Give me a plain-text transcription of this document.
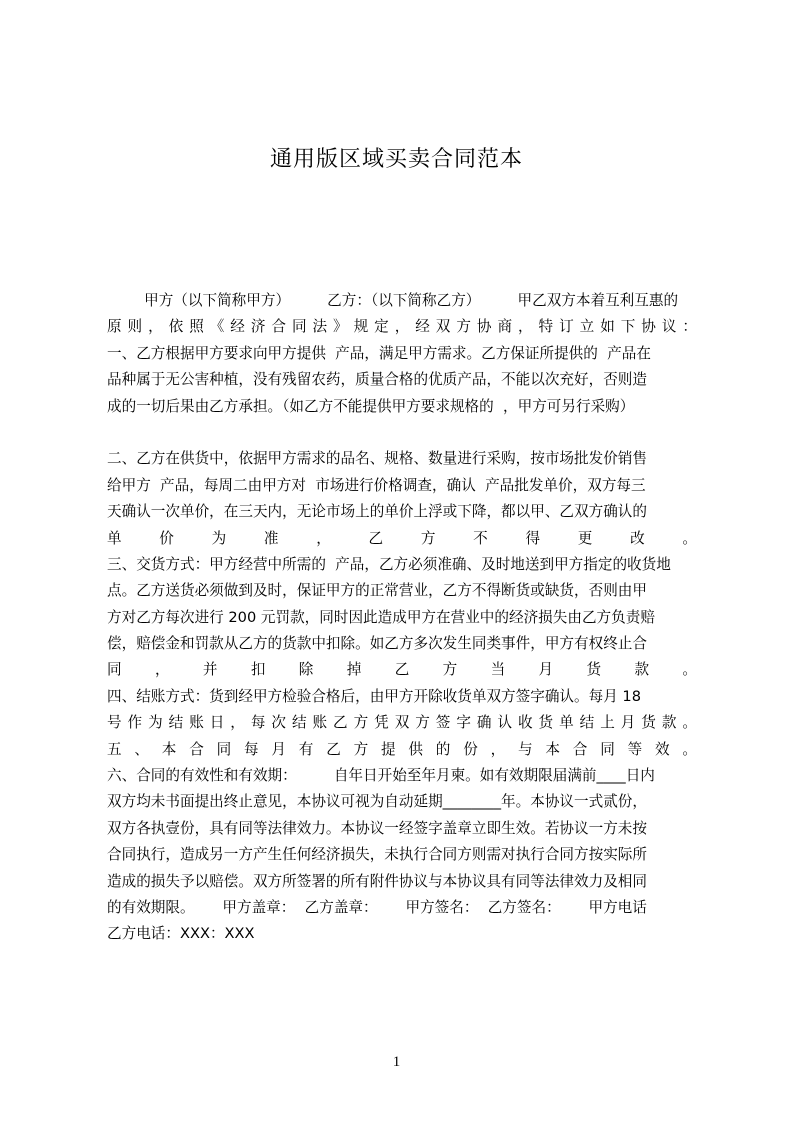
通用版区域买卖合同范本
甲方（以下简称甲方）        乙方：（以下简称乙方）        甲乙双方本着互利互惠的
原则，依照《经济合同法》规定，经双方协商，特订立如下协议：
一、乙方根据甲方要求向甲方提供  产品，满足甲方需求。乙方保证所提供的  产品在
品种属于无公害种植，没有残留农药，质量合格的优质产品，不能以次充好，否则造
成的一切后果由乙方承担。（如乙方不能提供甲方要求规格的  ，甲方可另行采购）
二、乙方在供货中，依据甲方需求的品名、规格、数量进行采购，按市场批发价销售
给甲方  产品，每周二由甲方对  市场进行价格调查，确认  产品批发单价，双方每三
天确认一次单价，在三天内，无论市场上的单价上浮或下降，都以甲、乙双方确认的
单价为准，乙方不得更改。
三、交货方式：甲方经营中所需的  产品，乙方必须准确、及时地送到甲方指定的收货地
点。乙方送货必须做到及时，保证甲方的正常营业，乙方不得断货或缺货，否则由甲
方对乙方每次进行 200 元罚款，同时因此造成甲方在营业中的经济损失由乙方负责赔
偿，赔偿金和罚款从乙方的货款中扣除。如乙方多次发生同类事件，甲方有权终止合
同，并扣除掉乙方当月货款。
四、结账方式：货到经甲方检验合格后，由甲方开除收货单双方签字确认。每月 18
号作为结账日，每次结账乙方凭双方签字确认收货单结上月货款。
五、本合同每月有乙方提供的份，与本合同等效。
六、合同的有效性和有效期：        自年日开始至年月柬。如有效期限届满前____日内
双方均未书面提出终止意见，本协议可视为自动延期________年。本协议一式贰份，
双方各执壹份，具有同等法律效力。本协议一经签字盖章立即生效。若协议一方未按
合同执行，造成另一方产生任何经济损失，未执行合同方则需对执行合同方按实际所
造成的损失予以赔偿。双方所签署的所有附件协议与本协议具有同等法律效力及相同
的有效期限。      甲方盖章：  乙方盖章：      甲方签名：  乙方签名：      甲方电话
乙方电话：XXX：XXX
1
